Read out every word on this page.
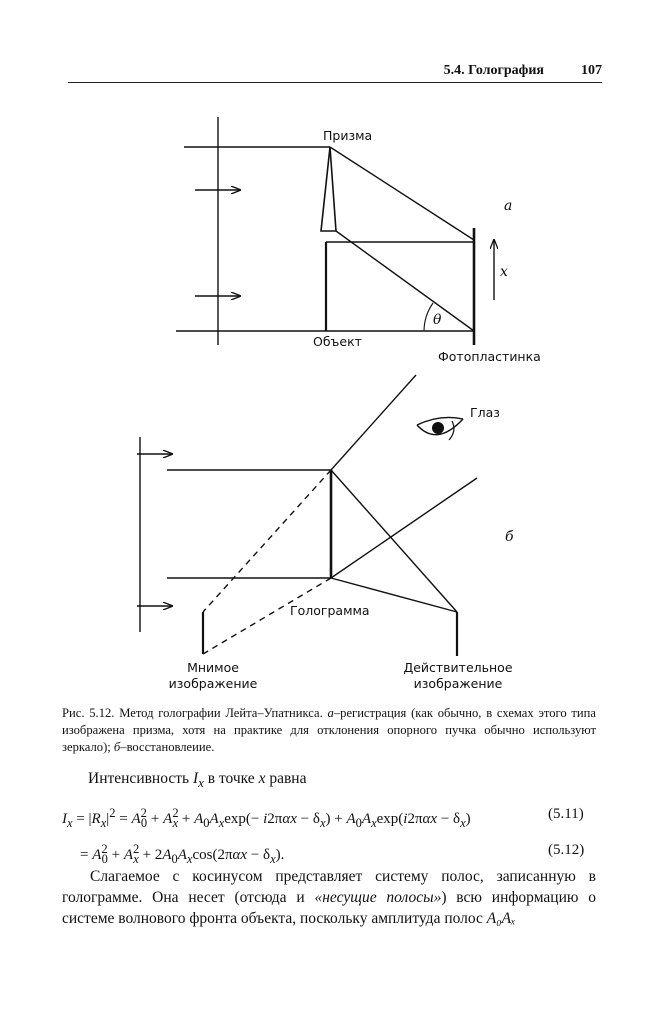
5.4. Голография	107
Призма
а
x
θ
Объект
Фотопластинка
Глаз
б
Голограмма
Мнимое
изображение
Действительное
изображение
Рис. 5.12. Метод голографии Лейта–Упатникса. а–регистрация (как обычно, в схемах этого типа изображена призма, хотя на практике для отклонения опорного пучка обычно используют зеркало); б–восстановлеиие.
Интенсивность $I_x$ в точке x равна
$I_x = |R_x|^2 = A^2_0 + A^2_x + A_0A_x\exp(- i2\pi\alpha x - \delta_x) + A_0A_x\exp(i2\pi\alpha x - \delta_x)$	(5.11)
= $A^2_0 + A^2_x + 2A_0A_x\cos(2\pi\alpha x - \delta_x)$.	(5.12)

Слагаемое с косинусом представляет систему полос, записанную в голограмме. Она несет (отсюда и «несущие полосы») всю информацию о системе волнового фронта объекта, поскольку амплитуда полос A₀Aₓ
